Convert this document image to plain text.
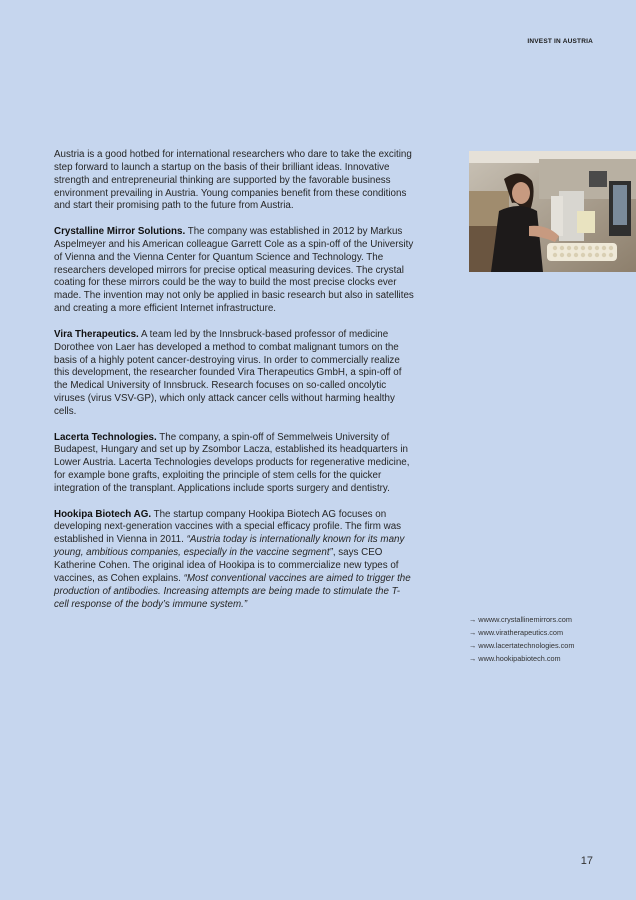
INVEST IN AUSTRIA

Austria is a good hotbed for international researchers who dare to take the exciting step forward to launch a startup on the basis of their brilliant ideas. Innovative strength and entrepreneurial thinking are supported by the favorable business environment prevailing in Austria. Young companies benefit from these conditions and start their promising path to the future from Austria.

Crystalline Mirror Solutions. The company was established in 2012 by Markus Aspelmeyer and his American colleague Garrett Cole as a spin-off of the University of Vienna and the Vienna Center for Quantum Science and Technology. The researchers developed mirrors for precise optical measuring devices. The crystal coating for these mirrors could be the way to build the most precise clocks ever made. The invention may not only be applied in basic research but also in satellites and creating a more efficient Internet infrastructure.

Vira Therapeutics. A team led by the Innsbruck-based professor of medicine Dorothee von Laer has developed a method to combat malignant tumors on the basis of a highly potent cancer-destroying virus. In order to commercially realize this development, the researcher founded Vira Therapeutics GmbH, a spin-off of the Medical University of Innsbruck. Research focuses on so-called oncolytic viruses (virus VSV-GP), which only attack cancer cells without harming healthy cells.

Lacerta Technologies. The company, a spin-off of Semmelweis University of Budapest, Hungary and set up by Zsombor Lacza, established its headquarters in Lower Austria. Lacerta Technologies develops products for regenerative medicine, for example bone grafts, exploiting the principle of stem cells for the quicker integration of the transplant. Applications include sports surgery and dentistry.

Hookipa Biotech AG. The startup company Hookipa Biotech AG focuses on developing next-generation vaccines with a special efficacy profile. The firm was established in Vienna in 2011. “Austria today is internationally known for its many young, ambitious companies, especially in the vaccine segment”, says CEO Katherine Cohen. The original idea of Hookipa is to commercialize new types of vaccines, as Cohen explains. “Most conventional vaccines are aimed to trigger the production of antibodies. Increasing attempts are being made to stimulate the T-cell response of the body’s immune system.”

→ wwww.crystallinemirrors.com
→ www.viratherapeutics.com
→ www.lacertatechnologies.com
→ www.hookipabiotech.com
17
